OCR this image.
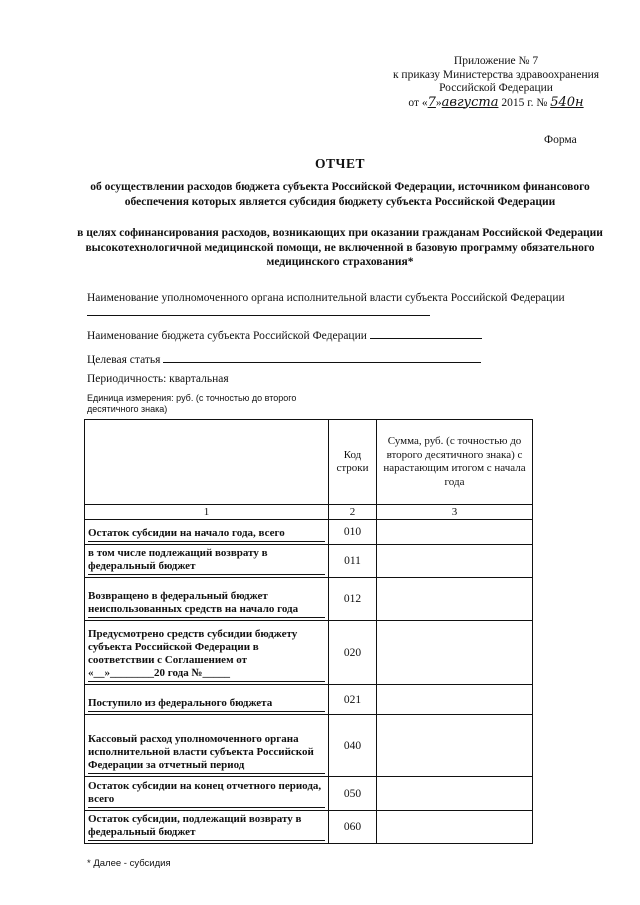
Приложение № 7
к приказу Министерства здравоохранения
Российской Федерации
от «7»августа 2015 г. № 540н
Форма
ОТЧЕТ
об осуществлении расходов бюджета субъекта Российской Федерации, источником финансового обеспечения которых является субсидия бюджету субъекта Российской Федерации
в целях софинансирования расходов, возникающих при оказании гражданам Российской Федерации высокотехнологичной медицинской помощи, не включенной в базовую программу обязательного медицинского страхования*
Наименование уполномоченного органа исполнительной власти субъекта Российской Федерации
Наименование бюджета субъекта Российской Федерации
Целевая статья
Периодичность: квартальная
Единица измерения: руб. (с точностью до второго десятичного знака)
	Код строки	Сумма, руб. (с точностью до второго десятичного знака) с нарастающим итогом с начала года
1	2	3

Остаток субсидии на начало года, всего	010	

в том числе подлежащий возврату в федеральный бюджет	011	

Возвращено в федеральный бюджет неиспользованных средств на начало года	012	

Предусмотрено средств субсидии бюджету субъекта Российской Федерации в соответствии с Соглашением от «__»________20 года №_____	020	

Поступило из федерального бюджета	021	

Кассовый расход уполномоченного органа исполнительной власти субъекта Российской Федерации за отчетный период	040	

Остаток субсидии на конец отчетного периода, всего	050	

Остаток субсидии, подлежащий возврату в федеральный бюджет	060	
* Далее - субсидия
